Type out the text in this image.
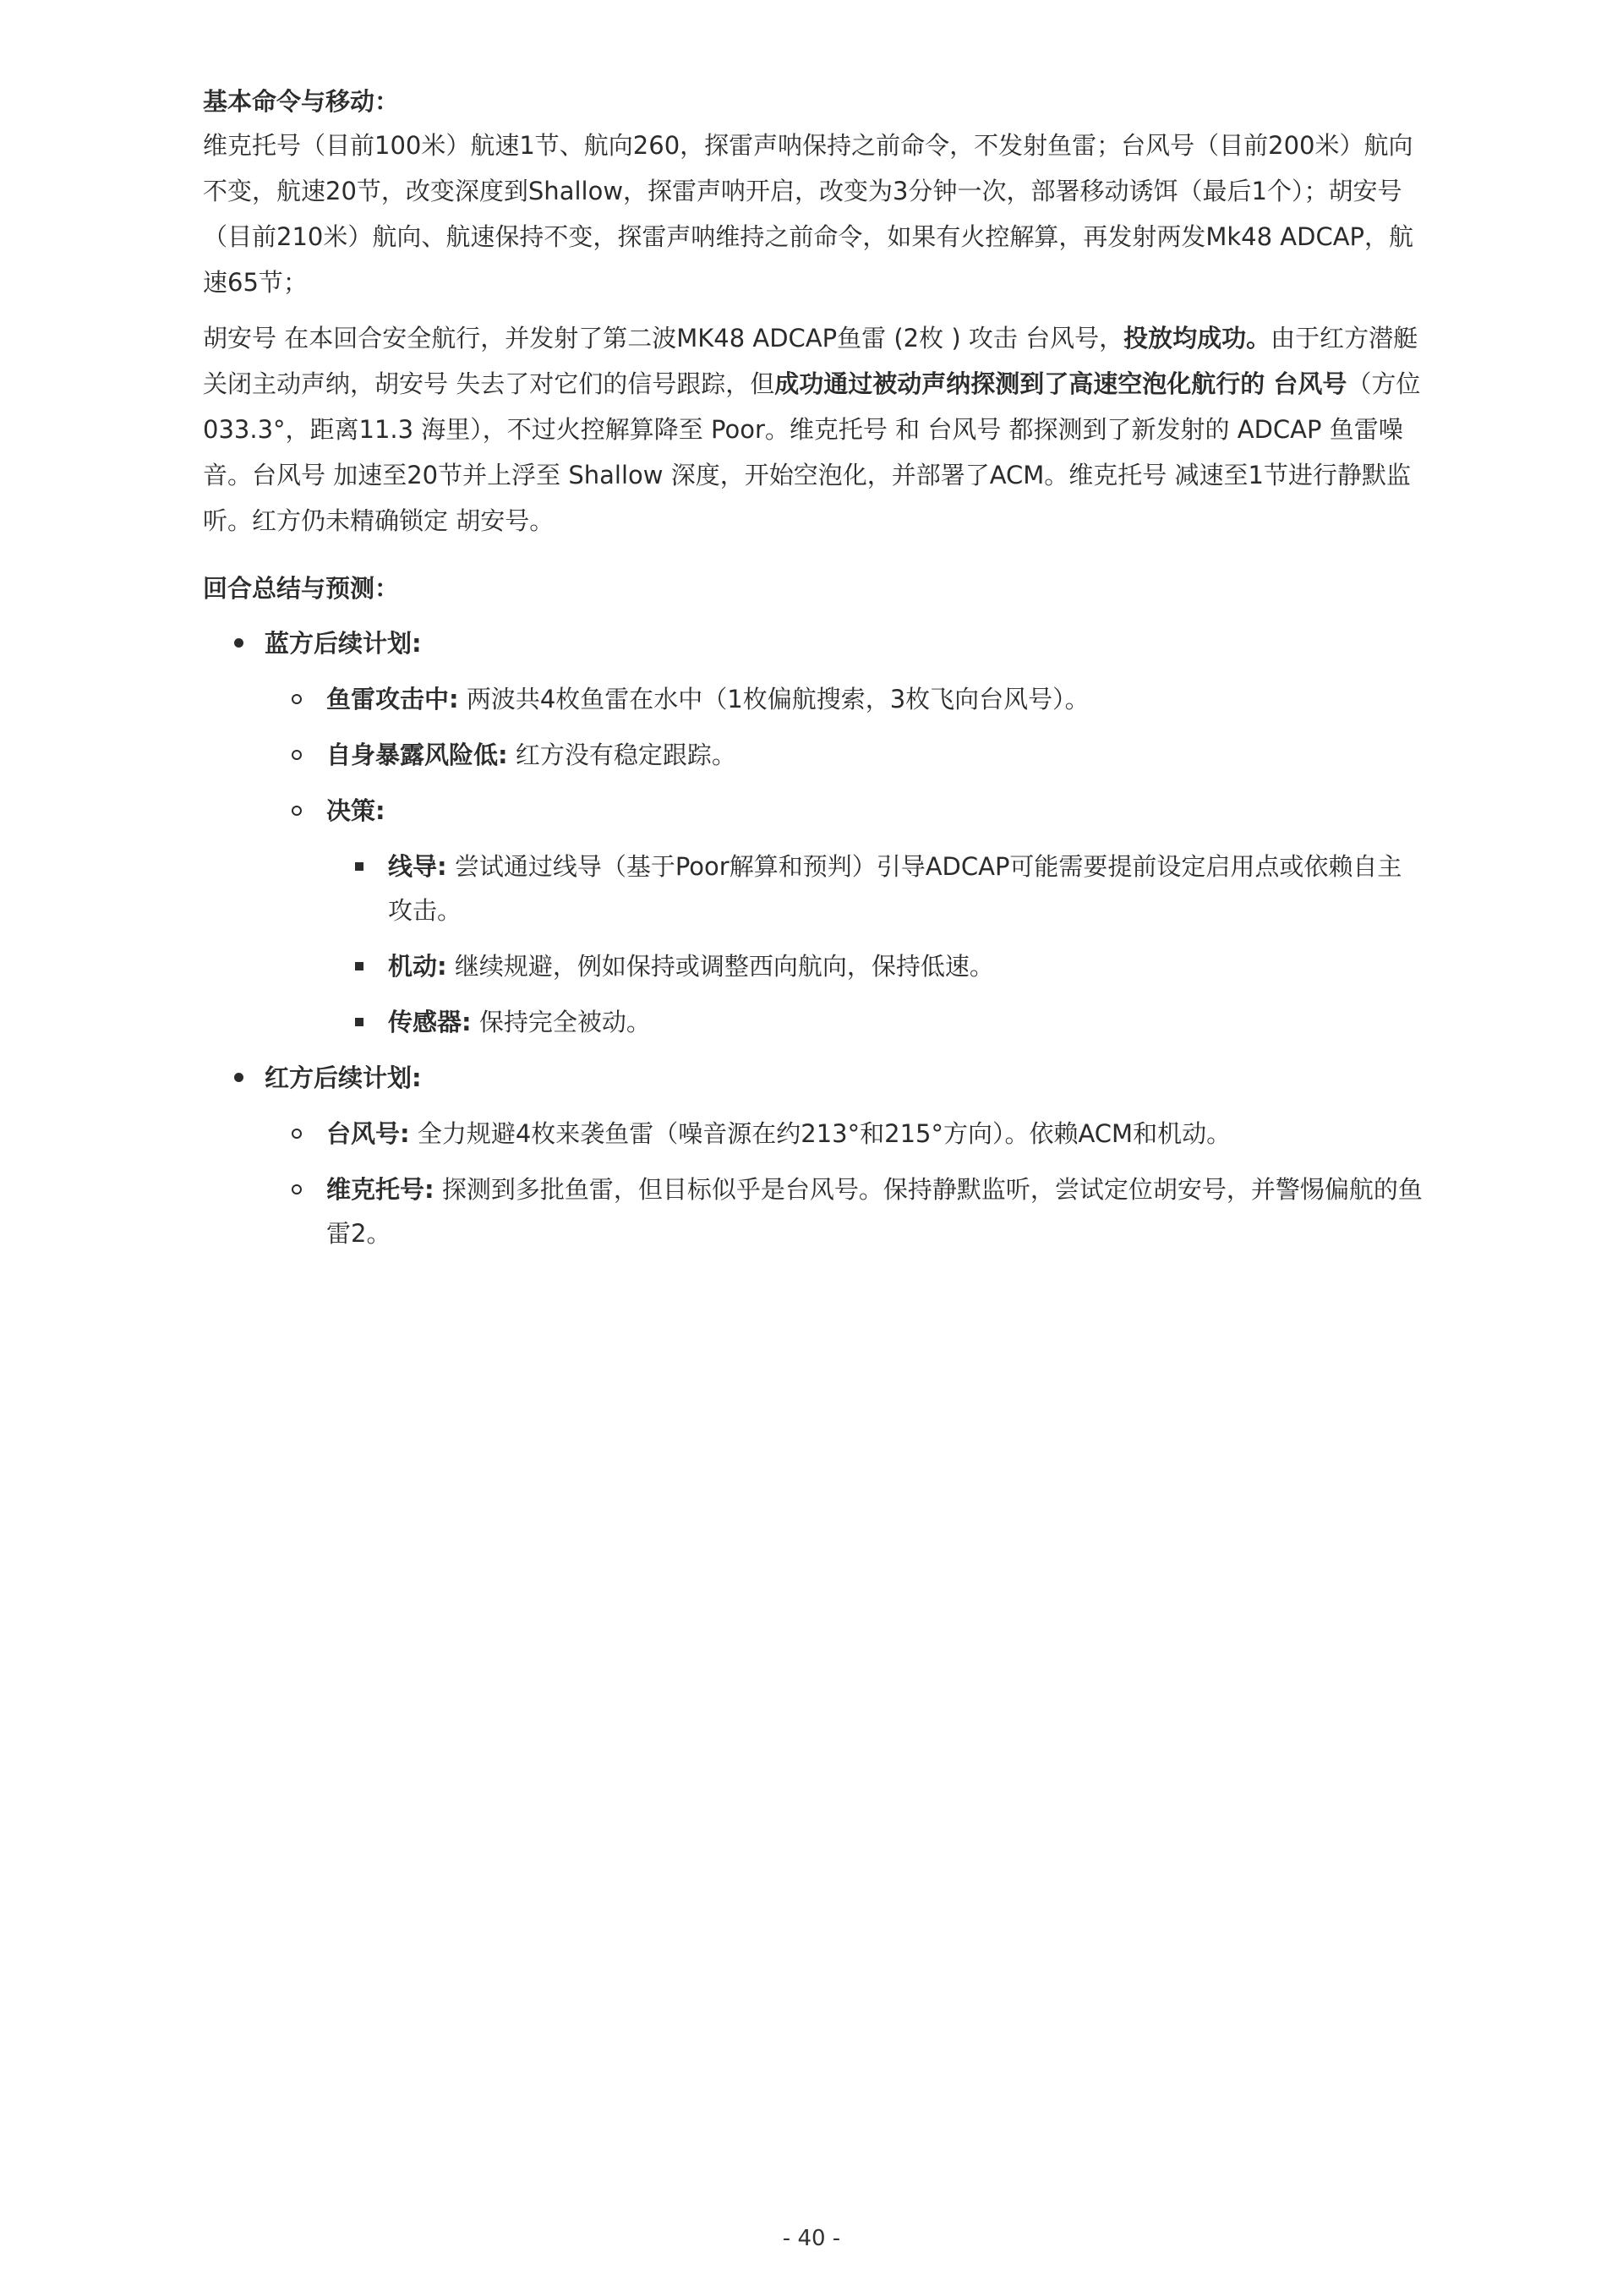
基本命令与移动：

维克托号（目前100米）航速1节、航向260，探雷声呐保持之前命令，不发射鱼雷；台风号（目前200米）航向不变，航速20节，改变深度到Shallow，探雷声呐开启，改变为3分钟一次，部署移动诱饵（最后1个）；胡安号（目前210米）航向、航速保持不变，探雷声呐维持之前命令，如果有火控解算，再发射两发Mk48 ADCAP，航速65节；

胡安号 在本回合安全航行，并发射了第二波MK48 ADCAP鱼雷 (2枚 ) 攻击 台风号，投放均成功。由于红方潜艇关闭主动声纳，胡安号 失去了对它们的信号跟踪，但成功通过被动声纳探测到了高速空泡化航行的 台风号（方位033.3°，距离11.3 海里），不过火控解算降至 Poor。维克托号 和 台风号 都探测到了新发射的 ADCAP 鱼雷噪音。台风号 加速至20节并上浮至 Shallow 深度，开始空泡化，并部署了ACM。维克托号 减速至1节进行静默监听。红方仍未精确锁定 胡安号。

回合总结与预测：
蓝方后续计划:
鱼雷攻击中: 两波共4枚鱼雷在水中（1枚偏航搜索，3枚飞向台风号）。
自身暴露风险低: 红方没有稳定跟踪。
决策:
线导: 尝试通过线导（基于Poor解算和预判）引导ADCAP可能需要提前设定启用点或依赖自主攻击。
机动: 继续规避，例如保持或调整西向航向，保持低速。
传感器: 保持完全被动。
红方后续计划:
台风号: 全力规避4枚来袭鱼雷（噪音源在约213°和215°方向）。依赖ACM和机动。
维克托号: 探测到多批鱼雷，但目标似乎是台风号。保持静默监听，尝试定位胡安号，并警惕偏航的鱼雷2。
- 40 -
